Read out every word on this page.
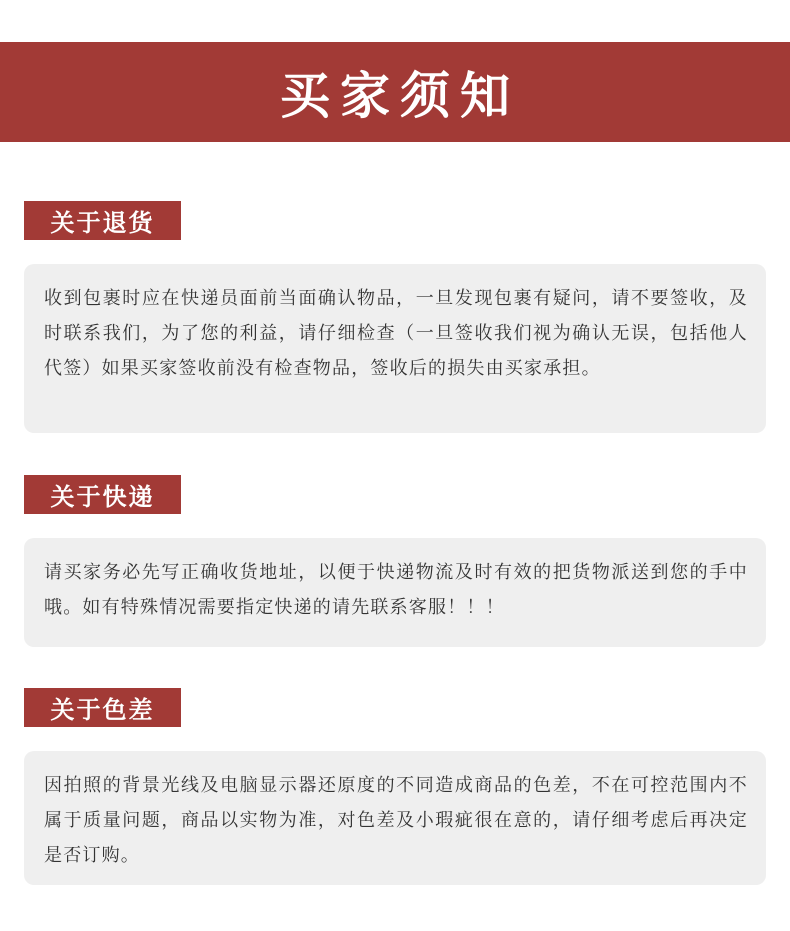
买家须知
关于退货

收到包裹时应在快递员面前当面确认物品，一旦发现包裹有疑问，请不要签收，及时联系我们，为了您的利益，请仔细检查（一旦签收我们视为确认无误，包括他人代签）如果买家签收前没有检查物品，签收后的损失由买家承担。

关于快递

请买家务必先写正确收货地址，以便于快递物流及时有效的把货物派送到您的手中哦。如有特殊情况需要指定快递的请先联系客服！！！

关于色差

因拍照的背景光线及电脑显示器还原度的不同造成商品的色差，不在可控范围内不属于质量问题，商品以实物为准，对色差及小瑕疵很在意的，请仔细考虑后再决定是否订购。
